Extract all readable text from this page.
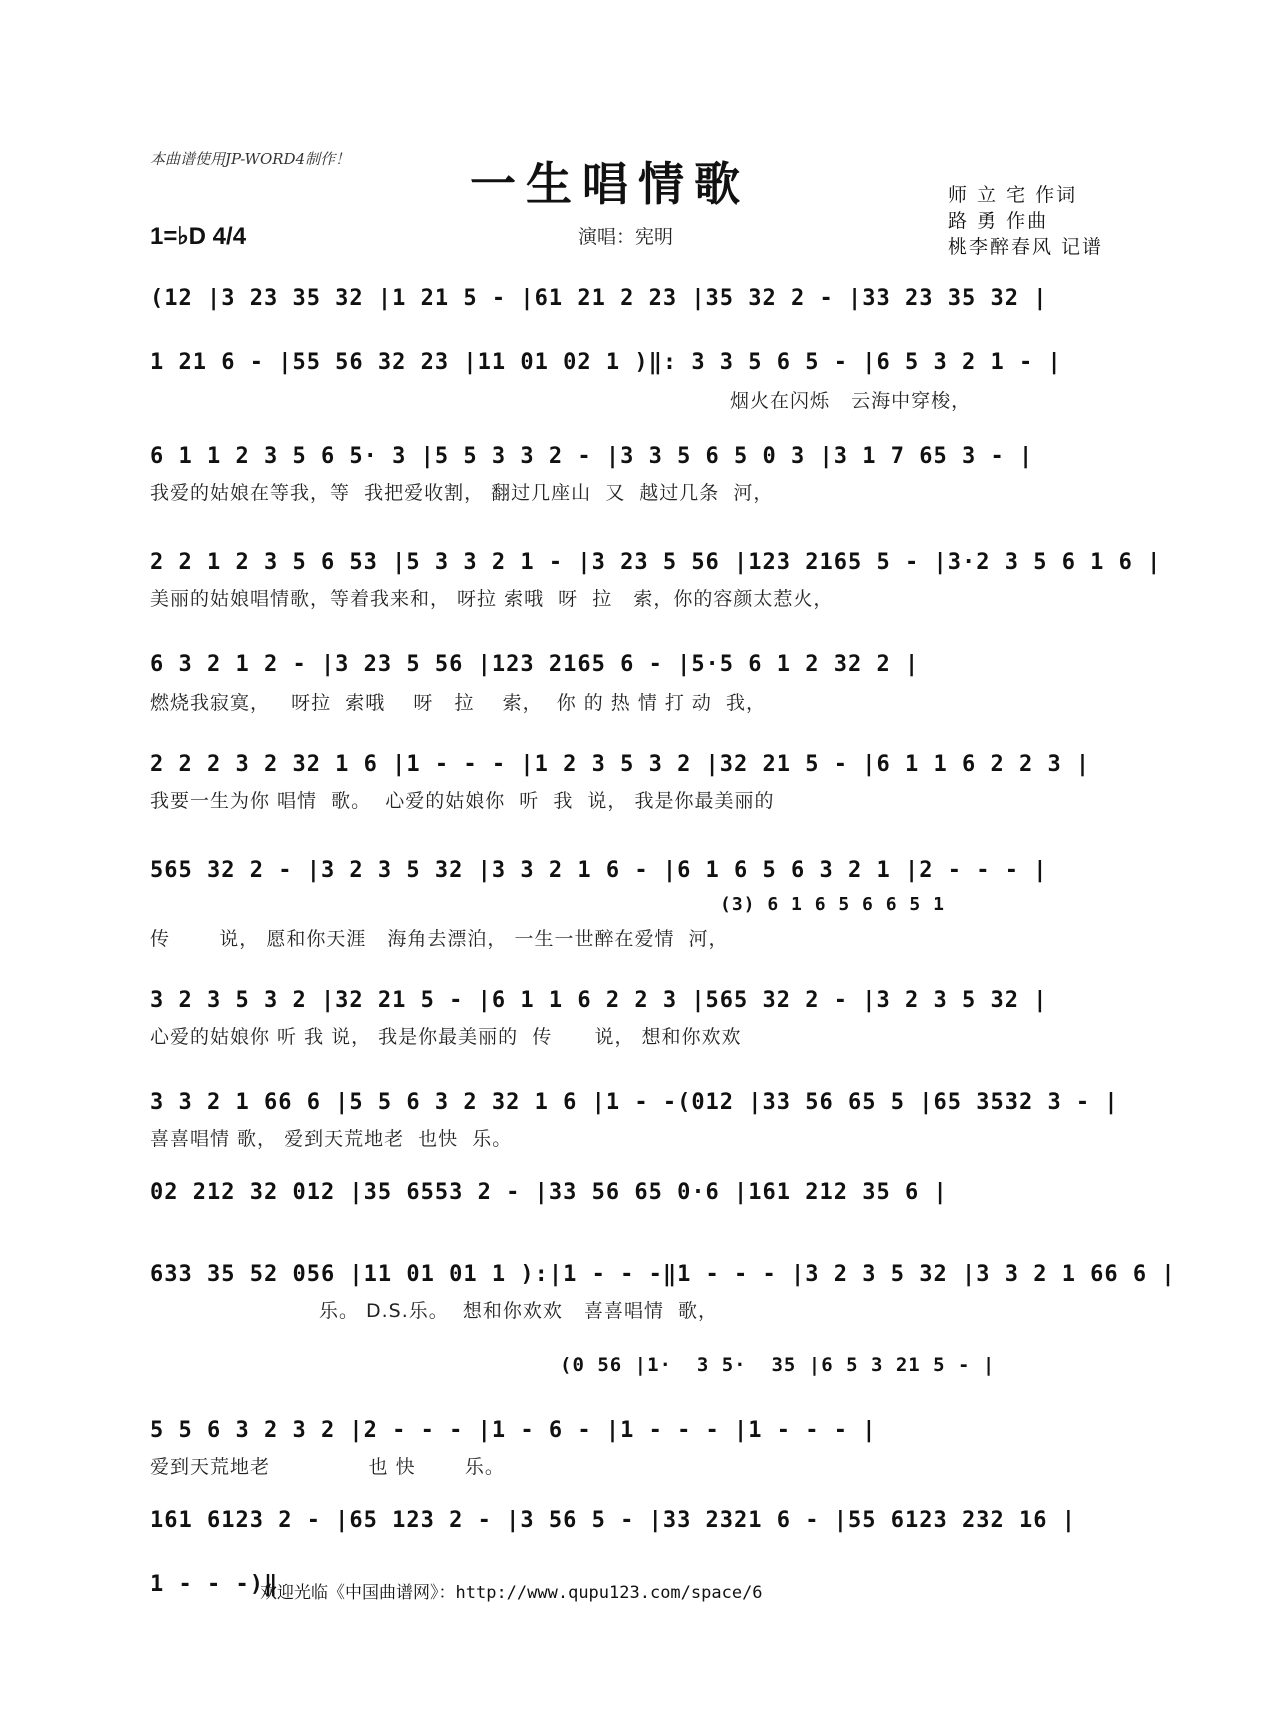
本曲谱使用JP-WORD4制作！	一生唱情歌
1=♭D 4/4	演唱：宪明
师 立 宅 作词
路 勇 作曲
桃李醉春风 记谱
(12 |3 23 35 32 |1 21 5 - |61 21 2 23 |35 32 2 - |33 23 35 32 |
1 21 6 - |55 56 32 23 |11 01 02 1 )‖: 3 3 5 6 5 - |6 5 3 2 1 - |
烟火在闪烁   云海中穿梭，
6 1 1 2 3 5 6 5· 3 |5 5 3 3 2 - |3 3 5 6 5 0 3 |3 1 7 65 3 - |
我爱的姑娘在等我，等  我把爱收割， 翻过几座山  又  越过几条  河，
2 2 1 2 3 5 6 53 |5 3 3 2 1 - |3 23 5 56 |123 2165 5 - |3·2 3 5 6 1 6 |
美丽的姑娘唱情歌，等着我来和， 呀拉 索哦  呀  拉   索，你的容颜太惹火，
6 3 2 1 2 - |3 23 5 56 |123 2165 6 - |5·5 6 1 2 32 2 |
燃烧我寂寞，   呀拉  索哦    呀   拉    索，  你 的 热 情 打 动  我，
2 2 2 3 2 32 1 6 |1 - - - |1 2 3 5 3 2 |32 21 5 - |6 1 1 6 2 2 3 |
我要一生为你 唱情  歌。  心爱的姑娘你  听  我  说， 我是你最美丽的
565 32 2 - |3 2 3 5 32 |3 3 2 1 6 - |6 1 6 5 6 3 2 1 |2 - - - |
(3) 6 1 6 5 6 6 5 1
传       说， 愿和你天涯   海角去漂泊， 一生一世醉在爱情  河，
3 2 3 5 3 2 |32 21 5 - |6 1 1 6 2 2 3 |565 32 2 - |3 2 3 5 32 |
心爱的姑娘你 听 我 说， 我是你最美丽的  传      说， 想和你欢欢
3 3 2 1 66 6 |5 5 6 3 2 32 1 6 |1 - -(012 |33 56 65 5 |65 3532 3 - |
喜喜唱情 歌， 爱到天荒地老  也快  乐。
02 212 32 012 |35 6553 2 - |33 56 65 0·6 |161 212 35 6 |
633 35 52 056 |11 01 01 1 ):|1 - - -‖1 - - - |3 2 3 5 32 |3 3 2 1 66 6 |
乐。 D.S.乐。  想和你欢欢   喜喜唱情  歌，
(0 56 |1·  3 5·  35 |6 5 3 21 5 - |
5 5 6 3 2 3 2 |2 - - - |1 - 6 - |1 - - - |1 - - - |
爱到天荒地老              也 快       乐。
161 6123 2 - |65 123 2 - |3 56 5 - |33 2321 6 - |55 6123 232 16 |
1 - - -)‖
欢迎光临《中国曲谱网》：http://www.qupu123.com/space/6
